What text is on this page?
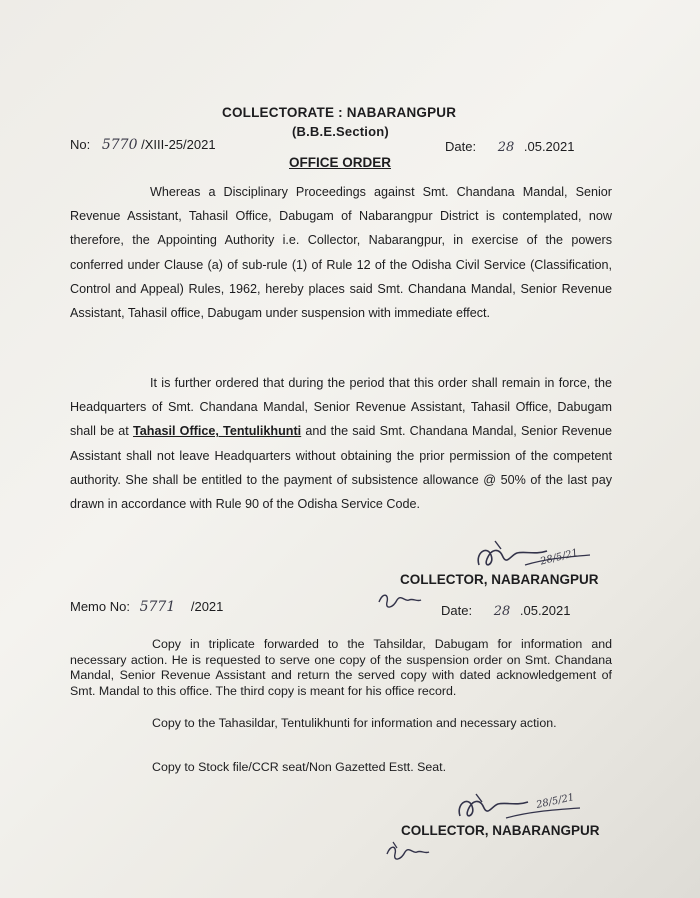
COLLECTORATE : NABARANGPUR
(B.B.E.Section)
No: 5770 /XIII-25/2021	Date: 28 .05.2021
OFFICE ORDER
Whereas a Disciplinary Proceedings against Smt. Chandana Mandal, Senior Revenue Assistant, Tahasil Office, Dabugam of Nabarangpur District is contemplated, now therefore, the Appointing Authority i.e. Collector, Nabarangpur, in exercise of the powers conferred under Clause (a) of sub-rule (1) of Rule 12 of the Odisha Civil Service (Classification, Control and Appeal) Rules, 1962, hereby places said Smt. Chandana Mandal, Senior Revenue Assistant, Tahasil office, Dabugam under suspension with immediate effect.
It is further ordered that during the period that this order shall remain in force, the Headquarters of Smt. Chandana Mandal, Senior Revenue Assistant, Tahasil Office, Dabugam shall be at Tahasil Office, Tentulikhunti and the said Smt. Chandana Mandal, Senior Revenue Assistant shall not leave Headquarters without obtaining the prior permission of the competent authority. She shall be entitled to the payment of subsistence allowance @ 50% of the last pay drawn in accordance with Rule 90 of the Odisha Service Code.
28/5/21
COLLECTOR, NABARANGPUR
Memo No: 5771 /2021	Date: 28 .05.2021
Copy in triplicate forwarded to the Tahsildar, Dabugam for information and necessary action. He is requested to serve one copy of the suspension order on Smt. Chandana Mandal, Senior Revenue Assistant and return the served copy with dated acknowledgement of Smt. Mandal to this office. The third copy is meant for his office record.
Copy to the Tahasildar, Tentulikhunti for information and necessary action.
Copy to Stock file/CCR seat/Non Gazetted Estt. Seat.
28/5/21
COLLECTOR, NABARANGPUR
